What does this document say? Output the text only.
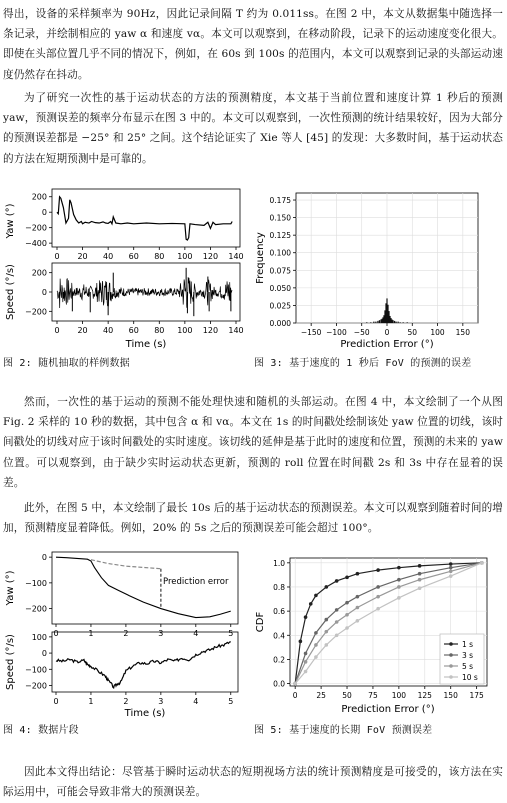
得出，设备的采样频率为 90Hz，因此记录间隔 T 约为 0.011ss。在图 2 中，本文从数据集中随选择一条记录，并绘制相应的 yaw α 和速度 vα。本文可以观察到，在移动阶段，记录下的运动速度变化很大。即使在头部位置几乎不同的情况下，例如，在 60s 到 100s 的范围内，本文可以观察到记录的头部运动速度仍然存在抖动。

为了研究一次性的基于运动状态的方法的预测精度，本文基于当前位置和速度计算 1 秒后的预测 yaw，预测误差的频率分布显示在图 3 中的。本文可以观察到，一次性预测的统计结果较好，因为大部分的预测误差都是 −25° 和 25° 之间。这个结论证实了 Xie 等人 [45] 的发现：大多数时间，基于运动状态的方法在短期预测中是可靠的。

Yaw (°)
200
0
−200
−400
0 20 40 60 80 100 120 140
Speed (°/s) 200
0
−200
0 20 40 60 80 100 120 140
Time (s)
Frequency
0.175
0.150
0.125
0.100
0.075
0.050
0.025
0.000
−150 −100 −50 0 50 100 150
Prediction Error (°)
图 2: 随机抽取的样例数据	图 3: 基于速度的 1 秒后 FoV 的预测的误差

然而，一次性的基于运动的预测不能处理快速和随机的头部运动。在图 4 中，本文绘制了一个从图 Fig. 2 采样的 10 秒的数据，其中包含 α 和 vα。本文在 1s 的时间戳处绘制该处 yaw 位置的切线，该时间戳处的切线对应于该时间戳处的实时速度。该切线的延伸是基于此时的速度和位置，预测的未来的 yaw 位置。可以观察到，由于缺少实时运动状态更新，预测的 roll 位置在时间戳 2s 和 3s 中存在显着的误差。

此外，在图 5 中，本文绘制了最长 10s 后的基于运动状态的预测误差。本文可以观察到随着时间的增加，预测精度显着降低。例如，20% 的 5s 之后的预测误差可能会超过 100°。

Yaw (°)
0
−100
−200
0	1	2	3	4	5
Prediction error
Speed (°/s) 100
0
−100
−200
0	1	2	3	4	5
Time (s)
CDF
1.0
0.8
0.6
0.4
0.2
0.0
0	25 50 75 100 125 150 175
1 s
3 s
5 s
10 s
Prediction Error (°)
图 4: 数据片段	图 5: 基于速度的长期 FoV 预测误差

因此本文得出结论：尽管基于瞬时运动状态的短期视场方法的统计预测精度是可接受的，该方法在实际运用中，可能会导致非常大的预测误差。
